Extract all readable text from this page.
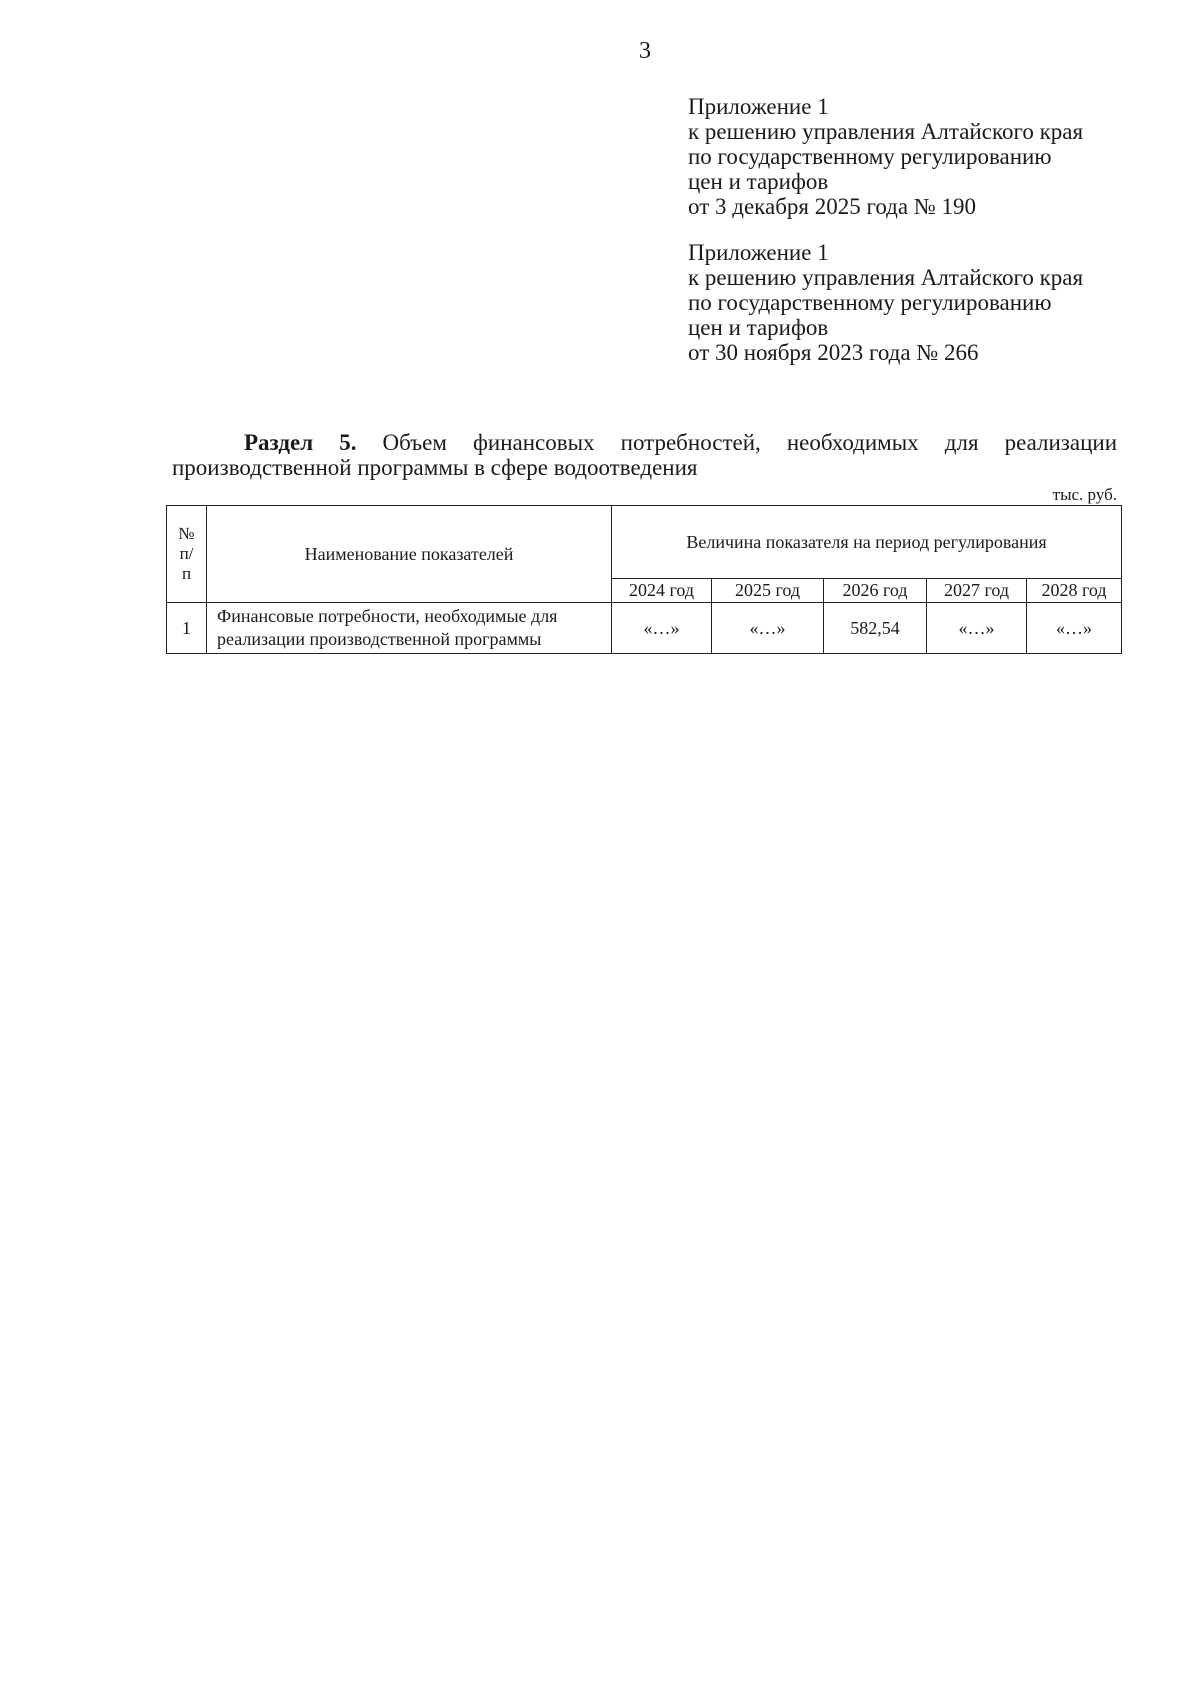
3
Приложение 1
к решению управления Алтайского края
по государственному регулированию
цен и тарифов
от 3 декабря 2025 года № 190
Приложение 1
к решению управления Алтайского края
по государственному регулированию
цен и тарифов
от 30 ноября 2023 года № 266
Раздел 5. Объем финансовых потребностей, необходимых для реализации
производственной программы в сфере водоотведения
тыс. руб.
№
п/
п	Наименование показателей	Величина показателя на период регулирования				
		2024 год	2025 год	2026 год	2027 год	2028 год
1	Финансовые потребности, необходимые для реализации производственной программы	«…»	«…»	582,54	«…»	«…»
